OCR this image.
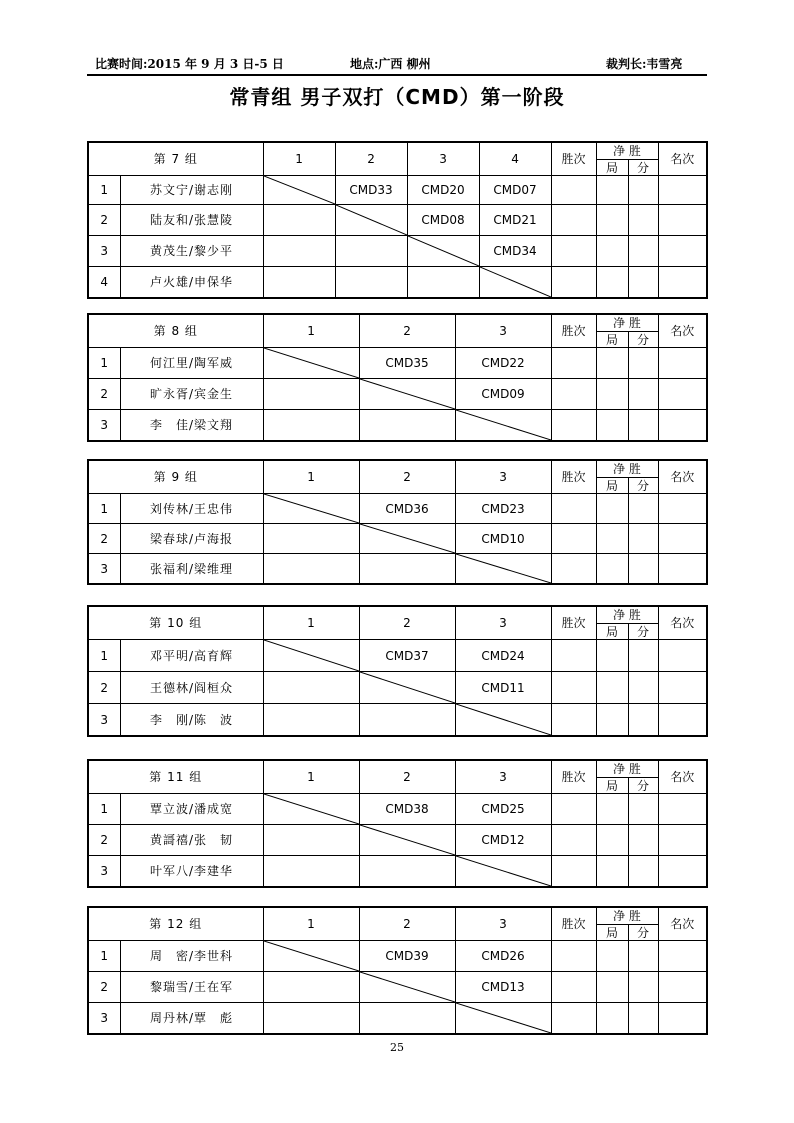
比赛时间:2015 年 9 月 3 日-5 日	地点:广西 柳州	裁判长:韦雪亮
常青组 男子双打（CMD）第一阶段
第 7 组		1	2	3	4	胜次	净 胜		名次
							局	分	
1	苏文宁/谢志刚		CMD33	CMD20	CMD07				
2	陆友和/张慧陵			CMD08	CMD21				
3	黄茂生/黎少平				CMD34				
4	卢火雄/申保华				

第 8 组		1	2	3	胜次	净 胜		名次
						局	分	
1	何江里/陶军威		CMD35	CMD22				
2	旷永胥/宾金生			CMD09				
3	李　佳/梁文翔			

第 9 组		1	2	3	胜次	净 胜		名次
						局	分	
1	刘传林/王忠伟		CMD36	CMD23				
2	梁春球/卢海报			CMD10				
3	张福利/梁维理			

第 10 组		1	2	3	胜次	净 胜		名次
						局	分	
1	邓平明/高育辉		CMD37	CMD24				
2	王德林/阎桓众			CMD11				
3	李　刚/陈　波			

第 11 组		1	2	3	胜次	净 胜		名次
						局	分	
1	覃立波/潘成宽		CMD38	CMD25				
2	黄謌禧/张　韧			CMD12				
3	叶军八/李建华			

第 12 组		1	2	3	胜次	净 胜		名次
						局	分	
1	周　密/李世科		CMD39	CMD26				
2	黎瑞雪/王在军			CMD13				
3	周丹林/覃　彪			

25
